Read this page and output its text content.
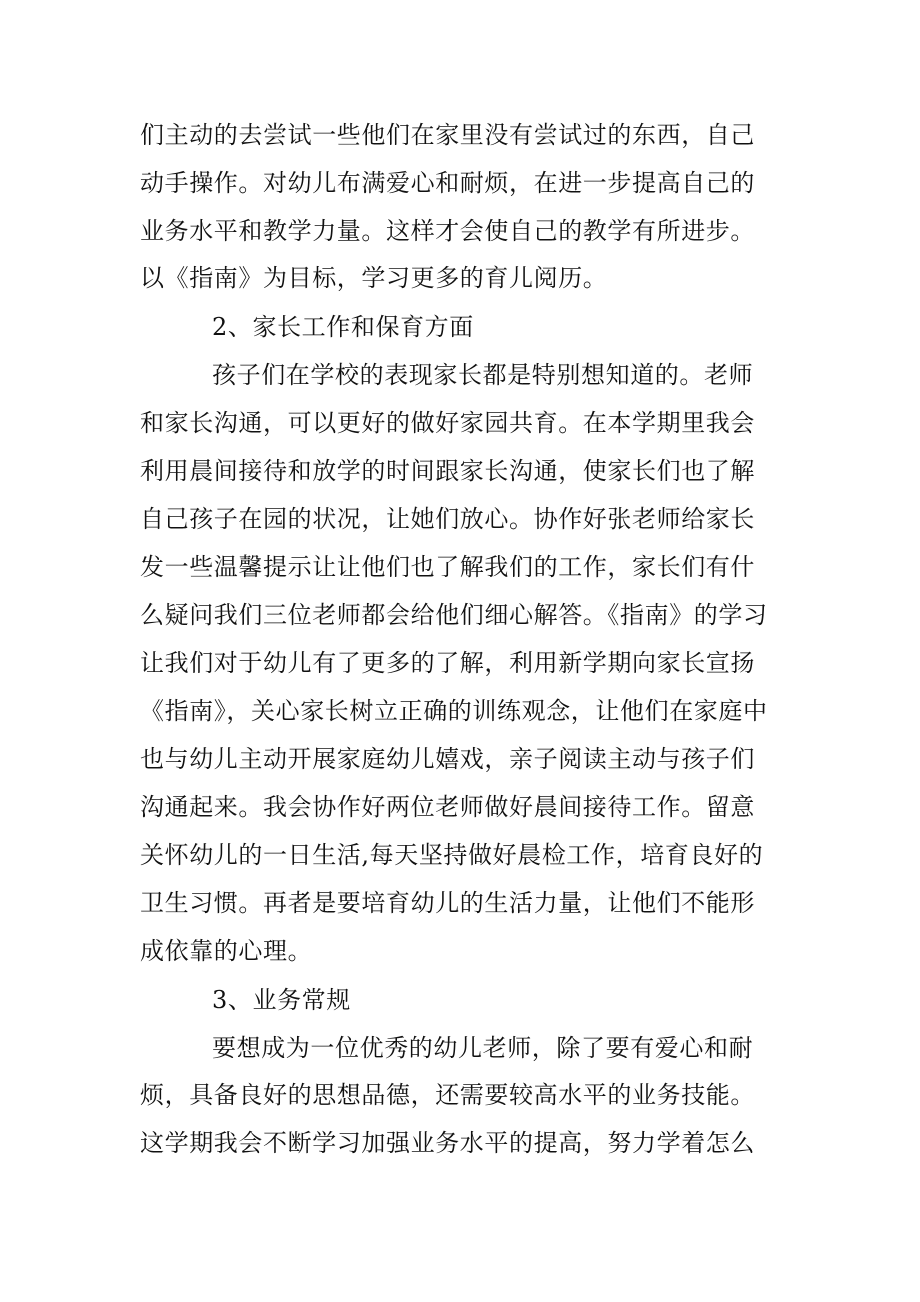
们主动的去尝试一些他们在家里没有尝试过的东西，自己
动手操作。对幼儿布满爱心和耐烦，在进一步提高自己的
业务水平和教学力量。这样才会使自己的教学有所进步。
以《指南》为目标，学习更多的育儿阅历。
2、家长工作和保育方面
孩子们在学校的表现家长都是特别想知道的。老师
和家长沟通，可以更好的做好家园共育。在本学期里我会
利用晨间接待和放学的时间跟家长沟通，使家长们也了解
自己孩子在园的状况，让她们放心。协作好张老师给家长
发一些温馨提示让让他们也了解我们的工作，家长们有什
么疑问我们三位老师都会给他们细心解答。《指南》的学习
让我们对于幼儿有了更多的了解，利用新学期向家长宣扬
《指南》，关心家长树立正确的训练观念，让他们在家庭中
也与幼儿主动开展家庭幼儿嬉戏，亲子阅读主动与孩子们
沟通起来。我会协作好两位老师做好晨间接待工作。留意
关怀幼儿的一日生活,每天坚持做好晨检工作，培育良好的
卫生习惯。再者是要培育幼儿的生活力量，让他们不能形
成依靠的心理。
3、业务常规
要想成为一位优秀的幼儿老师，除了要有爱心和耐
烦，具备良好的思想品德，还需要较高水平的业务技能。
这学期我会不断学习加强业务水平的提高，努力学着怎么
